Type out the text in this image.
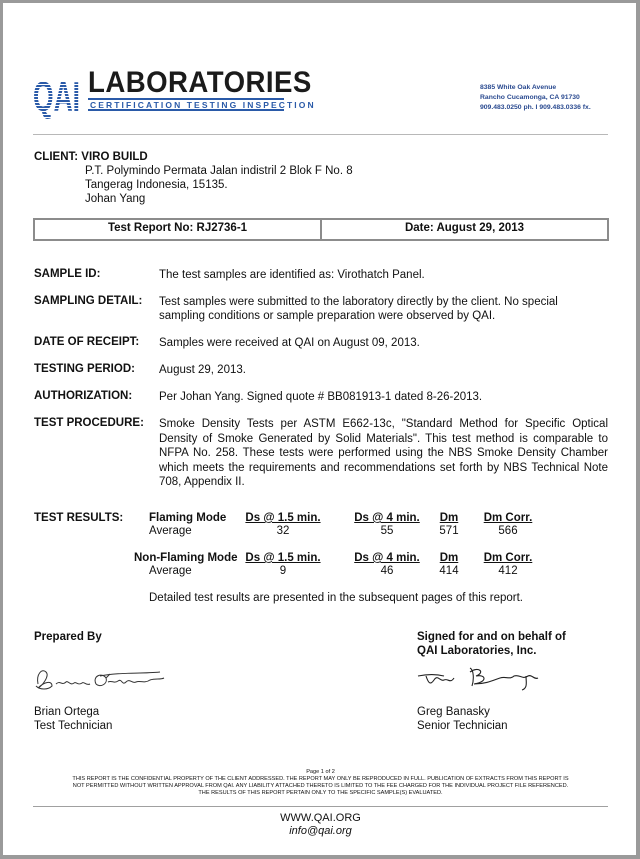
QAI LABORATORIES
CERTIFICATION TESTING INSPECTION
8385 White Oak Avenue
Rancho Cucamonga, CA 91730
909.483.0250 ph. I 909.483.0336 fx.
CLIENT: VIRO BUILD
P.T. Polymindo Permata Jalan indistril 2 Blok F No. 8
Tangerag Indonesia, 15135.
Johan Yang
Test Report No: RJ2736-1	Date: August 29, 2013
SAMPLE ID:	The test samples are identified as: Virothatch Panel.
SAMPLING DETAIL: Test samples were submitted to the laboratory directly by the client. No special
sampling conditions or sample preparation were observed by QAI.
DATE OF RECEIPT: Samples were received at QAI on August 09, 2013.
TESTING PERIOD: August 29, 2013.
AUTHORIZATION: Per Johan Yang. Signed quote # BB081913-1 dated 8-26-2013.
TEST PROCEDURE: Smoke Density Tests per ASTM E662-13c, "Standard Method for Specific Optical Density of Smoke Generated by Solid Materials". This test method is comparable to NFPA No. 258. These tests were performed using the NBS Smoke Density Chamber which meets the requirements and recommendations set forth by NBS Technical Note 708, Appendix II.
TEST RESULTS: Flaming Mode	Ds @ 1.5 min.	Ds @ 4 min.	Dm	Dm Corr.
Average	32	55	571	566
Non-Flaming Mode Ds @ 1.5 min.	Ds @ 4 min.	Dm	Dm Corr.
Average	9	46	414	412
Detailed test results are presented in the subsequent pages of this report.
Prepared By	Signed for and on behalf of
QAI Laboratories, Inc.
Brian Ortega
Test Technician
Greg Banasky
Senior Technician
Page 1 of 2
THIS REPORT IS THE CONFIDENTIAL PROPERTY OF THE CLIENT ADDRESSED. THE REPORT MAY ONLY BE REPRODUCED IN FULL. PUBLICATION OF EXTRACTS FROM THIS REPORT IS
NOT PERMITTED WITHOUT WRITTEN APPROVAL FROM QAI. ANY LIABILITY ATTACHED THERETO IS LIMITED TO THE FEE CHARGED FOR THE INDIVIDUAL PROJECT FILE REFERENCED.
THE RESULTS OF THIS REPORT PERTAIN ONLY TO THE SPECIFIC SAMPLE(S) EVALUATED.
WWW.QAI.ORG
info@qai.org
